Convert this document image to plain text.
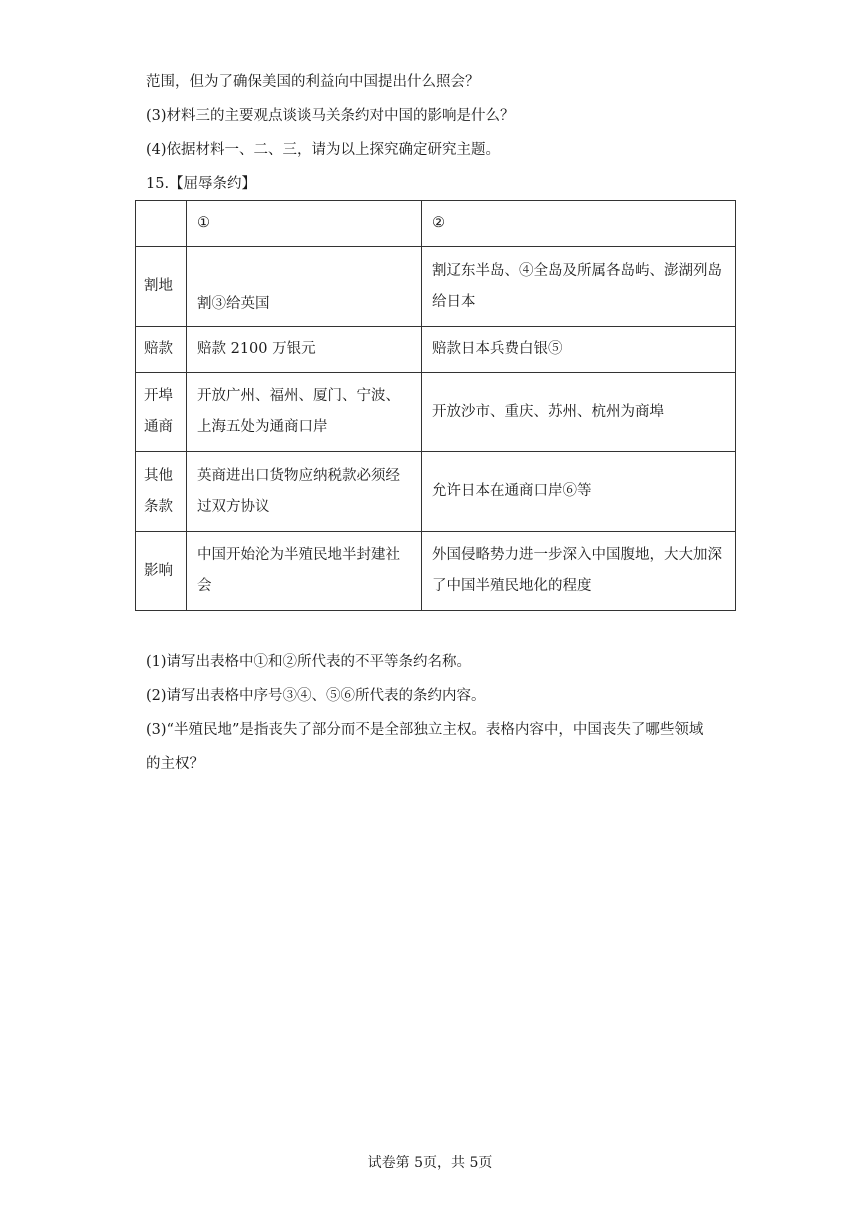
范围，但为了确保美国的利益向中国提出什么照会？
(3)材料三的主要观点谈谈马关条约对中国的影响是什么？
(4)依据材料一、二、三，请为以上探究确定研究主题。
15.【屈辱条约】
	①	②
割地	割③给英国	割辽东半岛、④全岛及所属各岛屿、澎湖列岛给日本
赔款	赔款 2100 万银元	赔款日本兵费白银⑤
开埠通商	开放广州、福州、厦门、宁波、上海五处为通商口岸	开放沙市、重庆、苏州、杭州为商埠
其他条款	英商进出口货物应纳税款必须经过双方协议	允许日本在通商口岸⑥等
影响	中国开始沦为半殖民地半封建社会	外国侵略势力进一步深入中国腹地，大大加深了中国半殖民地化的程度
(1)请写出表格中①和②所代表的不平等条约名称。
(2)请写出表格中序号③④、⑤⑥所代表的条约内容。
(3)“半殖民地”是指丧失了部分而不是全部独立主权。表格内容中，中国丧失了哪些领域
的主权？
试卷第 5页，共 5页
